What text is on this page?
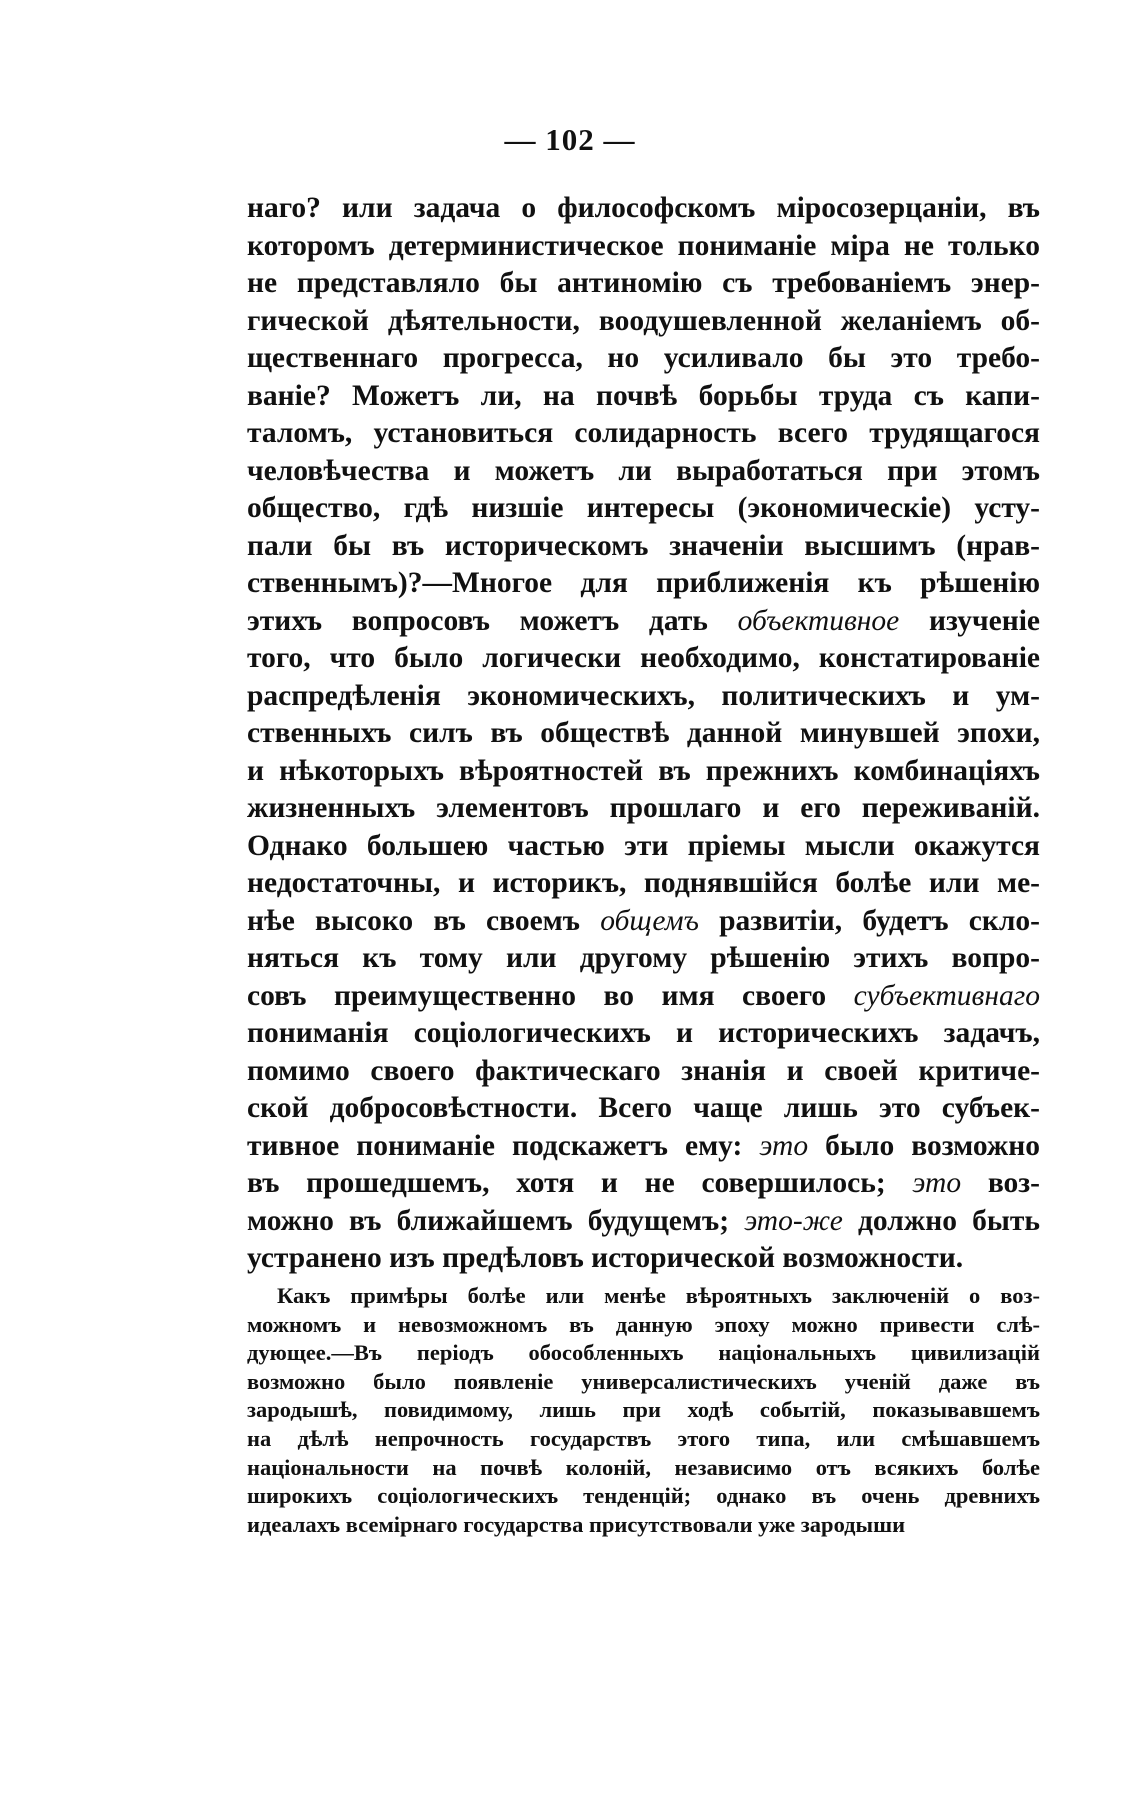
— 102 —
наго? или задача о философскомъ міросозерцаніи, въ
которомъ детерминистическое пониманіе міра не только
не представляло бы антиномію съ требованіемъ энер-
гической дѣятельности, воодушевленной желаніемъ об-
щественнаго прогресса, но усиливало бы это требо-
ваніе? Можетъ ли, на почвѣ борьбы труда съ капи-
таломъ, установиться солидарность всего трудящагося
человѣчества и можетъ ли выработаться при этомъ
общество, гдѣ низшіе интересы (экономическіе) усту-
пали бы въ историческомъ значеніи высшимъ (нрав-
ственнымъ)?—Многое для приближенія къ рѣшенію
этихъ вопросовъ можетъ дать объективное изученіе
того, что было логически необходимо, констатированіе
распредѣленія экономическихъ, политическихъ и ум-
ственныхъ силъ въ обществѣ данной минувшей эпохи,
и нѣкоторыхъ вѣроятностей въ прежнихъ комбинаціяхъ
жизненныхъ элементовъ прошлаго и его переживаній.
Однако большею частью эти пріемы мысли окажутся
недостаточны, и историкъ, поднявшійся болѣе или ме-
нѣе высоко въ своемъ общемъ развитіи, будетъ скло-
няться къ тому или другому рѣшенію этихъ вопро-
совъ преимущественно во имя своего субъективнаго
пониманія соціологическихъ и историческихъ задачъ,
помимо своего фактическаго знанія и своей критиче-
ской добросовѣстности. Всего чаще лишь это субъек-
тивное пониманіе подскажетъ ему: это было возможно
въ прошедшемъ, хотя и не совершилось; это воз-
можно въ ближайшемъ будущемъ; это-же должно быть
устранено изъ предѣловъ исторической возможности.
Какъ примѣры болѣе или менѣе вѣроятныхъ заключеній о воз-
можномъ и невозможномъ въ данную эпоху можно привести слѣ-
дующее.—Въ періодъ обособленныхъ національныхъ цивилизацій
возможно было появленіе универсалистическихъ ученій даже въ
зародышѣ, повидимому, лишь при ходѣ событій, показывавшемъ
на дѣлѣ непрочность государствъ этого типа, или смѣшавшемъ
національности на почвѣ колоній, независимо отъ всякихъ болѣе
широкихъ соціологическихъ тенденцій; однако въ очень древнихъ
идеалахъ всемірнаго государства присутствовали уже зародыши
